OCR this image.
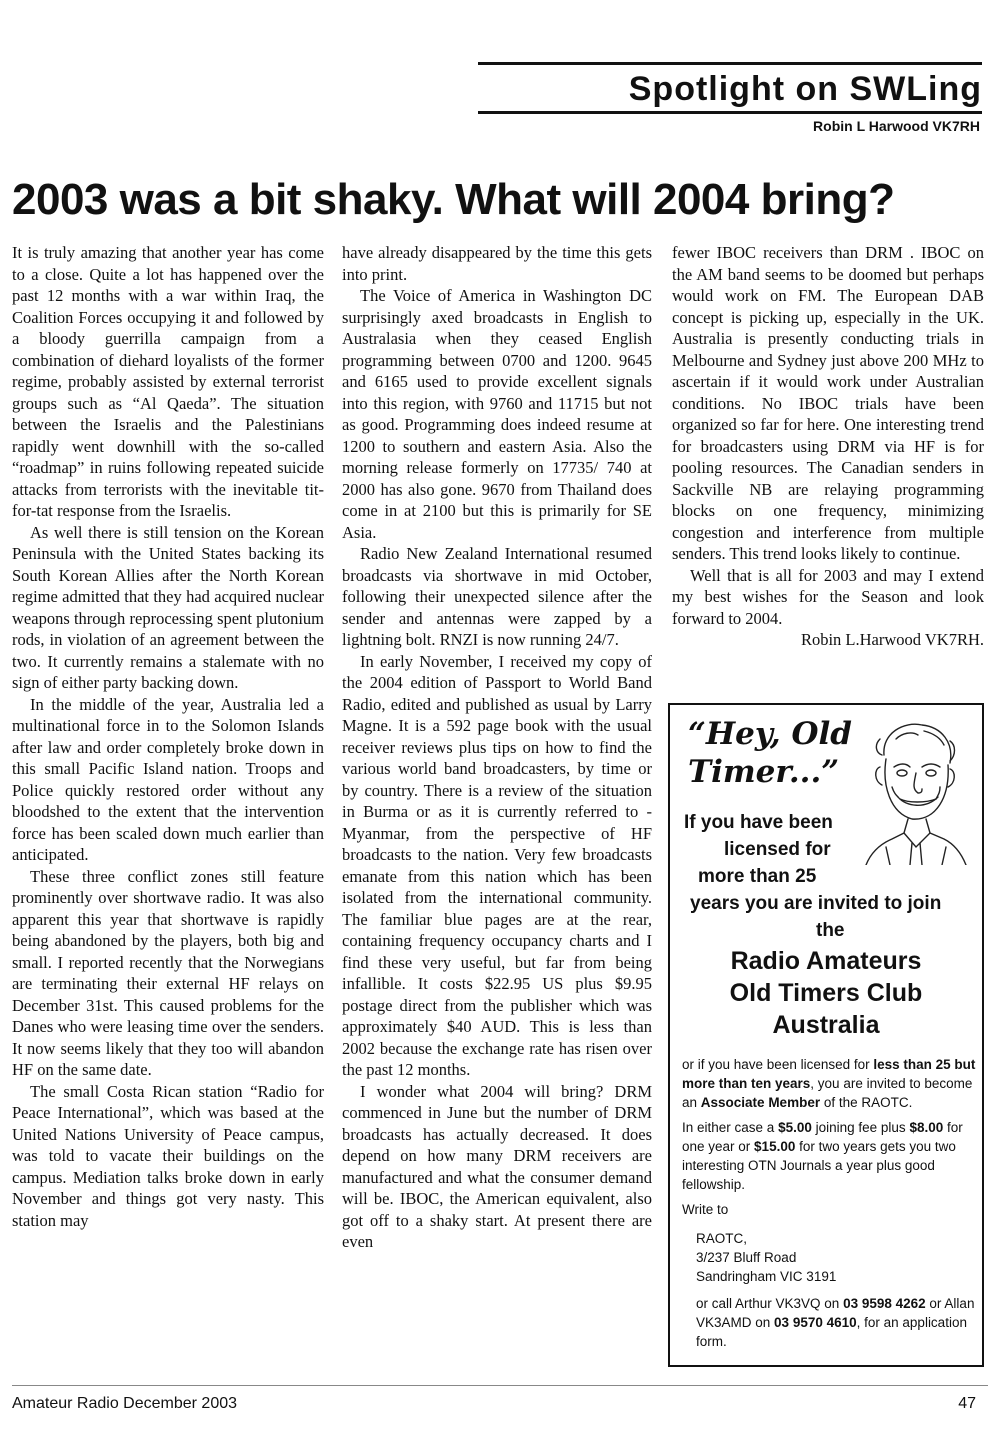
Spotlight on SWLing
Robin L Harwood VK7RH
2003 was a bit shaky. What will 2004 bring?

It is truly amazing that another year has come to a close. Quite a lot has happened over the past 12 months with a war within Iraq, the Coalition Forces occupying it and followed by a bloody guerrilla campaign from a combination of diehard loyalists of the former regime, probably assisted by external terrorist groups such as “Al Qaeda”. The situation between the Israelis and the Palestinians rapidly went downhill with the so-called “roadmap” in ruins following repeated suicide attacks from terrorists with the inevitable tit-for-tat response from the Israelis.

As well there is still tension on the Korean Peninsula with the United States backing its South Korean Allies after the North Korean regime admitted that they had acquired nuclear weapons through reprocessing spent plutonium rods, in violation of an agreement between the two. It currently remains a stalemate with no sign of either party backing down.

In the middle of the year, Australia led a multinational force in to the Solomon Islands after law and order completely broke down in this small Pacific Island nation. Troops and Police quickly restored order without any bloodshed to the extent that the intervention force has been scaled down much earlier than anticipated.

These three conflict zones still feature prominently over shortwave radio. It was also apparent this year that shortwave is rapidly being abandoned by the players, both big and small. I reported recently that the Norwegians are terminating their external HF relays on December 31st. This caused problems for the Danes who were leasing time over the senders. It now seems likely that they too will abandon HF on the same date.

The small Costa Rican station “Radio for Peace International”, which was based at the United Nations University of Peace campus, was told to vacate their buildings on the campus. Mediation talks broke down in early November and things got very nasty. This station may

have already disappeared by the time this gets into print.

The Voice of America in Washington DC surprisingly axed broadcasts in English to Australasia when they ceased English programming between 0700 and 1200. 9645 and 6165 used to provide excellent signals into this region, with 9760 and 11715 but not as good. Programming does indeed resume at 1200 to southern and eastern Asia. Also the morning release formerly on 17735/ 740 at 2000 has also gone. 9670 from Thailand does come in at 2100 but this is primarily for SE Asia.

Radio New Zealand International resumed broadcasts via shortwave in mid October, following their unexpected silence after the sender and antennas were zapped by a lightning bolt. RNZI is now running 24/7.

In early November, I received my copy of the 2004 edition of Passport to World Band Radio, edited and published as usual by Larry Magne. It is a 592 page book with the usual receiver reviews plus tips on how to find the various world band broadcasters, by time or by country. There is a review of the situation in Burma or as it is currently referred to - Myanmar, from the perspective of HF broadcasts to the nation. Very few broadcasts emanate from this nation which has been isolated from the international community. The familiar blue pages are at the rear, containing frequency occupancy charts and I find these very useful, but far from being infallible. It costs $22.95 US plus $9.95 postage direct from the publisher which was approximately $40 AUD. This is less than 2002 because the exchange rate has risen over the past 12 months.

I wonder what 2004 will bring? DRM commenced in June but the number of DRM broadcasts has actually decreased. It does depend on how many DRM receivers are manufactured and what the consumer demand will be. IBOC, the American equivalent, also got off to a shaky start. At present there are even

fewer IBOC receivers than DRM . IBOC on the AM band seems to be doomed but perhaps would work on FM. The European DAB concept is picking up, especially in the UK. Australia is presently conducting trials in Melbourne and Sydney just above 200 MHz to ascertain if it would work under Australian conditions. No IBOC trials have been organized so far for here. One interesting trend for broadcasters using DRM via HF is for pooling resources. The Canadian senders in Sackville NB are relaying programming blocks on one frequency, minimizing congestion and interference from multiple senders. This trend looks likely to continue.

Well that is all for 2003 and may I extend my best wishes for the Season and look forward to 2004.

Robin L.Harwood VK7RH.

“Hey, Old
Timer...”
If you have been
licensed for
more than 25
years you are invited to join
the
Radio Amateurs
Old Timers Club
Australia

or if you have been licensed for less than 25 but more than ten years, you are invited to become an Associate Member of the RAOTC.

In either case a $5.00 joining fee plus $8.00 for one year or $15.00 for two years gets you two interesting OTN Journals a year plus good fellowship.

Write to

RAOTC,
3/237 Bluff Road
Sandringham VIC 3191

or call Arthur VK3VQ on 03 9598 4262 or Allan VK3AMD on 03 9570 4610, for an application form.

Amateur Radio December 2003	47
